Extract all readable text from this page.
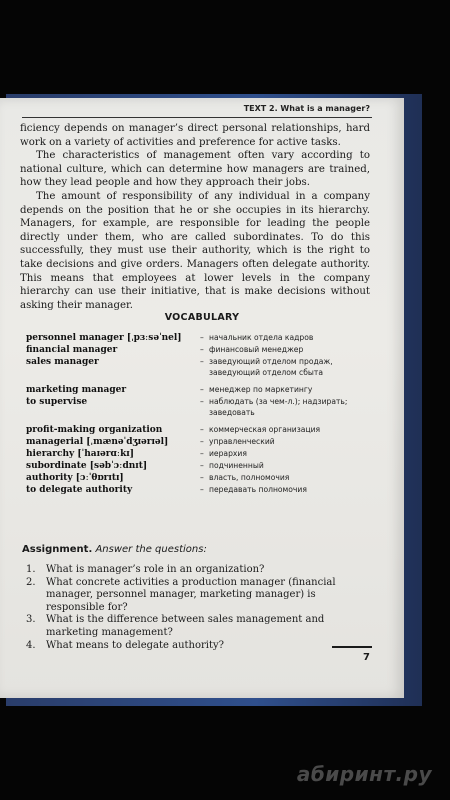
TEXT 2. What is a manager?

ficiency depends on manager’s direct personal relationships, hard work on a variety of activities and preference for active tasks.

The characteristics of management often vary according to national culture, which can determine how managers are trained, how they lead people and how they approach their jobs.

The amount of responsibility of any individual in a company depends on the position that he or she occupies in its hierarchy. Managers, for example, are responsible for leading the people directly under them, who are called subordinates. To do this successfully, they must use their authority, which is the right to take decisions and give orders. Managers often delegate authority. This means that employees at lower levels in the company hierarchy can use their initiative, that is make decisions without asking their manager.

VOCABULARY
personnel manager [ˌpɜːsəˈnel]	– начальник отдела кадров
financial manager	– финансовый менеджер
sales manager	– заведующий отделом продаж, заведующий отделом сбыта
marketing manager	– менеджер по маркетингу
to supervise	– наблюдать (за чем-л.); надзирать; заведовать
profit-making organization	– коммерческая организация
managerial [ˌmænəˈdʒɪərɪəl]	– управленческий
hierarchy [ˈhaɪərɑːkɪ]	– иерархия
subordinate [səbˈɔːdnɪt]	– подчиненный
authority [ɔːˈθɒrɪtɪ]	– власть, полномочия
to delegate authority	– передавать полномочия
Assignment. Answer the questions:
1.	What is manager’s role in an organization?
2.	What concrete activities a production manager (financial manager, personnel manager, marketing manager) is responsible for?
3.	What is the difference between sales management and marketing management?
4.	What means to delegate authority?
7
абиринт.ру
